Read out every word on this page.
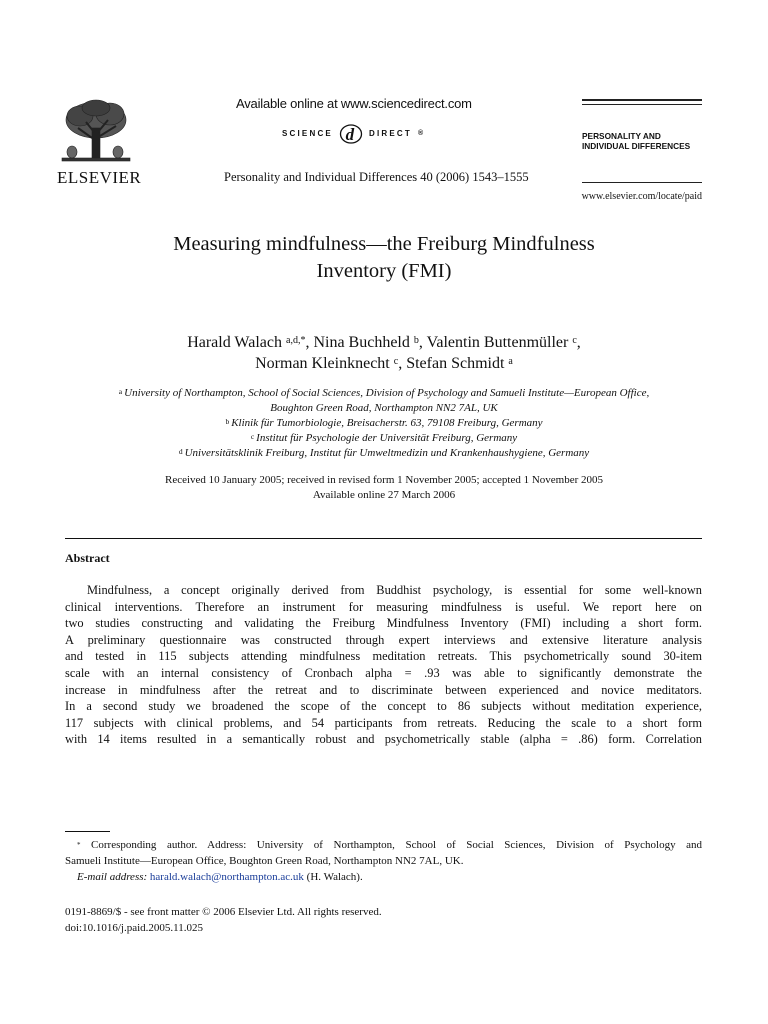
ELSEVIER
Available online at www.sciencedirect.com
SCIENCE d DIRECT ®
Personality and Individual Differences 40 (2006) 1543–1555
PERSONALITY AND
INDIVIDUAL DIFFERENCES
www.elsevier.com/locate/paid
Measuring mindfulness—the Freiburg Mindfulness
Inventory (FMI)
Harald Walach $^{a,d,*}$, Nina Buchheld $^b$, Valentin Buttenmüller $^c$,
Norman Kleinknecht $^c$, Stefan Schmidt $^a$
$^a$ University of Northampton, School of Social Sciences, Division of Psychology and Samueli Institute—European Office,
Boughton Green Road, Northampton NN2 7AL, UK
$^b$ Klinik für Tumorbiologie, Breisacherstr. 63, 79108 Freiburg, Germany
$^c$ Institut für Psychologie der Universität Freiburg, Germany
$^d$ Universitätsklinik Freiburg, Institut für Umweltmedizin und Krankenhaushygiene, Germany
Received 10 January 2005; received in revised form 1 November 2005; accepted 1 November 2005
Available online 27 March 2006
Abstract
Mindfulness, a concept originally derived from Buddhist psychology, is essential for some well-known
clinical interventions. Therefore an instrument for measuring mindfulness is useful. We report here on
two studies constructing and validating the Freiburg Mindfulness Inventory (FMI) including a short form.
A preliminary questionnaire was constructed through expert interviews and extensive literature analysis
and tested in 115 subjects attending mindfulness meditation retreats. This psychometrically sound 30-item
scale with an internal consistency of Cronbach alpha = .93 was able to significantly demonstrate the
increase in mindfulness after the retreat and to discriminate between experienced and novice meditators.
In a second study we broadened the scope of the concept to 86 subjects without meditation experience,
117 subjects with clinical problems, and 54 participants from retreats. Reducing the scale to a short form
with 14 items resulted in a semantically robust and psychometrically stable (alpha = .86) form. Correlation
* Corresponding author. Address: University of Northampton, School of Social Sciences, Division of Psychology and
Samueli Institute—European Office, Boughton Green Road, Northampton NN2 7AL, UK.
E-mail address: harald.walach@northampton.ac.uk (H. Walach).
0191-8869/$ - see front matter © 2006 Elsevier Ltd. All rights reserved.
doi:10.1016/j.paid.2005.11.025
